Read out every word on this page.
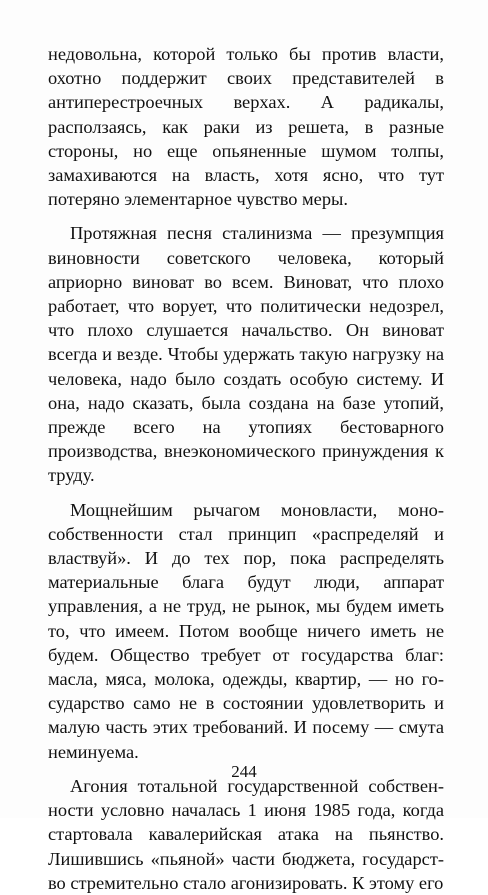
недовольна, которой только бы против власти, охотно поддержит своих представителей в антиперестроечных верхах. А радикалы, расползаясь, как раки из решета, в разные стороны, но еще опьяненные шумом толпы, замахиваются на власть, хотя ясно, что тут потеряно элементарное чувство меры.

Протяжная песня сталинизма — презумпция виновности советского человека, который априорно виноват во всем. Виноват, что плохо работает, что ворует, что политически недозрел, что плохо слушается начальство. Он виноват всегда и везде. Чтобы удержать такую нагрузку на человека, надо было создать особую систему. И она, надо сказать, была создана на базе утопий, прежде всего на утопиях бестоварного производства, внеэкономического принуждения к труду.

Мощнейшим рычагом моновласти, монособственности стал принцип «распределяй и властвуй». И до тех пор, пока распределять материальные блага будут люди, аппарат управления, а не труд, не рынок, мы будем иметь то, что имеем. Потом вообще ничего иметь не будем. Общество требует от государства благ: масла, мяса, молока, одежды, квартир, — но государство само не в состоянии удовлетворить и малую часть этих требований. И посему — смута неминуема.

Агония тотальной государственной собственности условно началась 1 июня 1985 года, когда стартовала кавалерийская атака на пьянство. Лишившись «пьяной» части бюджета, государство стремительно стало агонизировать. К этому его

244
